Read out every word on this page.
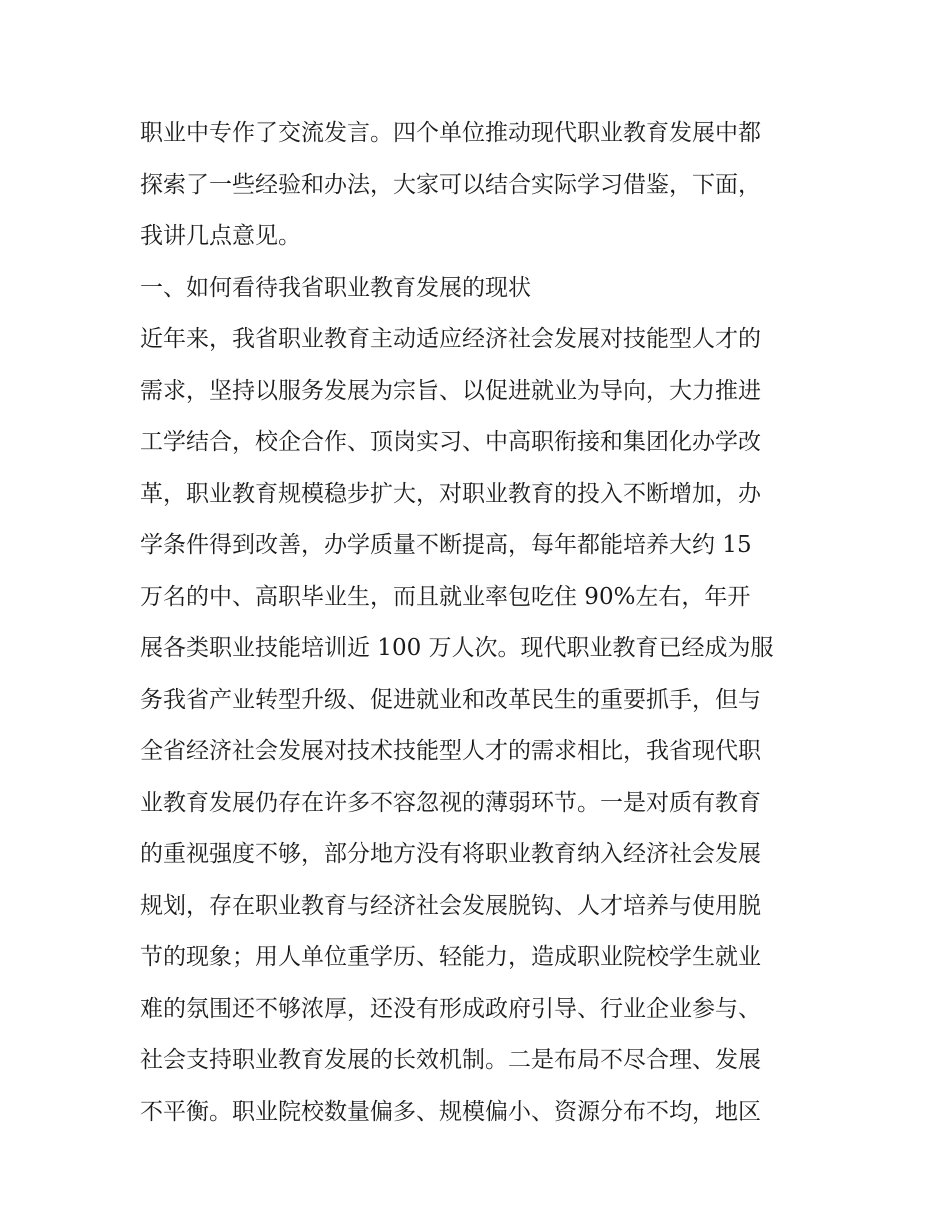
职业中专作了交流发言。四个单位推动现代职业教育发展中都
探索了一些经验和办法，大家可以结合实际学习借鉴，下面，
我讲几点意见。
一、如何看待我省职业教育发展的现状
近年来，我省职业教育主动适应经济社会发展对技能型人才的
需求，坚持以服务发展为宗旨、以促进就业为导向，大力推进
工学结合，校企合作、顶岗实习、中高职衔接和集团化办学改
革，职业教育规模稳步扩大，对职业教育的投入不断增加，办
学条件得到改善，办学质量不断提高，每年都能培养大约 15
万名的中、高职毕业生，而且就业率包吃住 90%左右，年开
展各类职业技能培训近 100 万人次。现代职业教育已经成为服
务我省产业转型升级、促进就业和改革民生的重要抓手，但与
全省经济社会发展对技术技能型人才的需求相比，我省现代职
业教育发展仍存在许多不容忽视的薄弱环节。一是对质有教育
的重视强度不够，部分地方没有将职业教育纳入经济社会发展
规划，存在职业教育与经济社会发展脱钩、人才培养与使用脱
节的现象；用人单位重学历、轻能力，造成职业院校学生就业
难的氛围还不够浓厚，还没有形成政府引导、行业企业参与、
社会支持职业教育发展的长效机制。二是布局不尽合理、发展
不平衡。职业院校数量偏多、规模偏小、资源分布不均，地区
